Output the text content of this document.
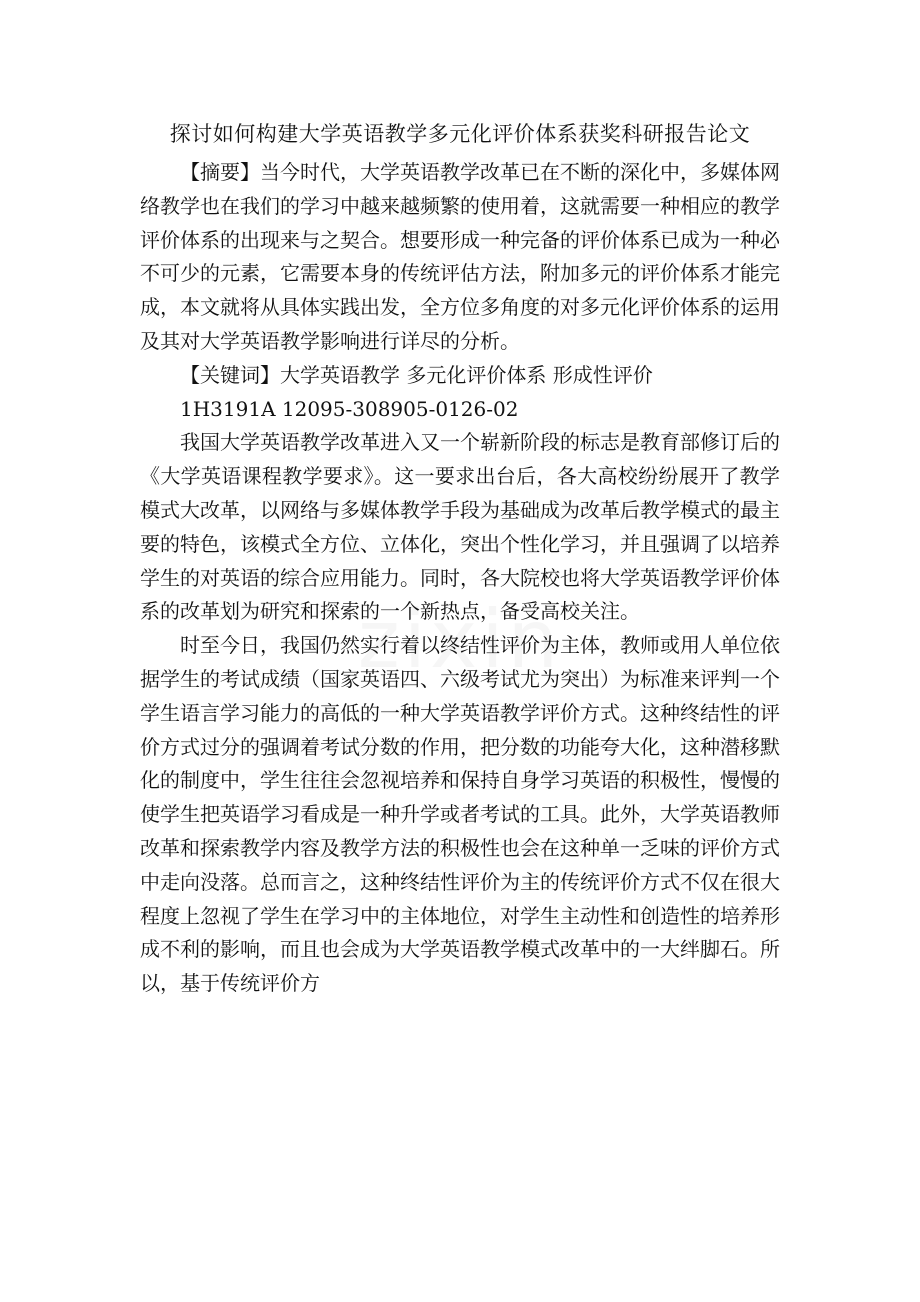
探讨如何构建大学英语教学多元化评价体系获奖科研报告论文

【摘要】当今时代，大学英语教学改革已在不断的深化中，多媒体网络教学也在我们的学习中越来越频繁的使用着，这就需要一种相应的教学评价体系的出现来与之契合。想要形成一种完备的评价体系已成为一种必不可少的元素，它需要本身的传统评估方法，附加多元的评价体系才能完成，本文就将从具体实践出发，全方位多角度的对多元化评价体系的运用及其对大学英语教学影响进行详尽的分析。

【关键词】大学英语教学 多元化评价体系 形成性评价

1H3191A 12095-308905-0126-02

我国大学英语教学改革进入又一个崭新阶段的标志是教育部修订后的《大学英语课程教学要求》。这一要求出台后，各大高校纷纷展开了教学模式大改革，以网络与多媒体教学手段为基础成为改革后教学模式的最主要的特色，该模式全方位、立体化，突出个性化学习，并且强调了以培养学生的对英语的综合应用能力。同时，各大院校也将大学英语教学评价体系的改革划为研究和探索的一个新热点，备受高校关注。

时至今日，我国仍然实行着以终结性评价为主体，教师或用人单位依据学生的考试成绩（国家英语四、六级考试尤为突出）为标准来评判一个学生语言学习能力的高低的一种大学英语教学评价方式。这种终结性的评价方式过分的强调着考试分数的作用，把分数的功能夸大化，这种潜移默化的制度中，学生往往会忽视培养和保持自身学习英语的积极性，慢慢的使学生把英语学习看成是一种升学或者考试的工具。此外，大学英语教师改革和探索教学内容及教学方法的积极性也会在这种单一乏味的评价方式中走向没落。总而言之，这种终结性评价为主的传统评价方式不仅在很大程度上忽视了学生在学习中的主体地位，对学生主动性和创造性的培养形成不利的影响，而且也会成为大学英语教学模式改革中的一大绊脚石。所以，基于传统评价方
